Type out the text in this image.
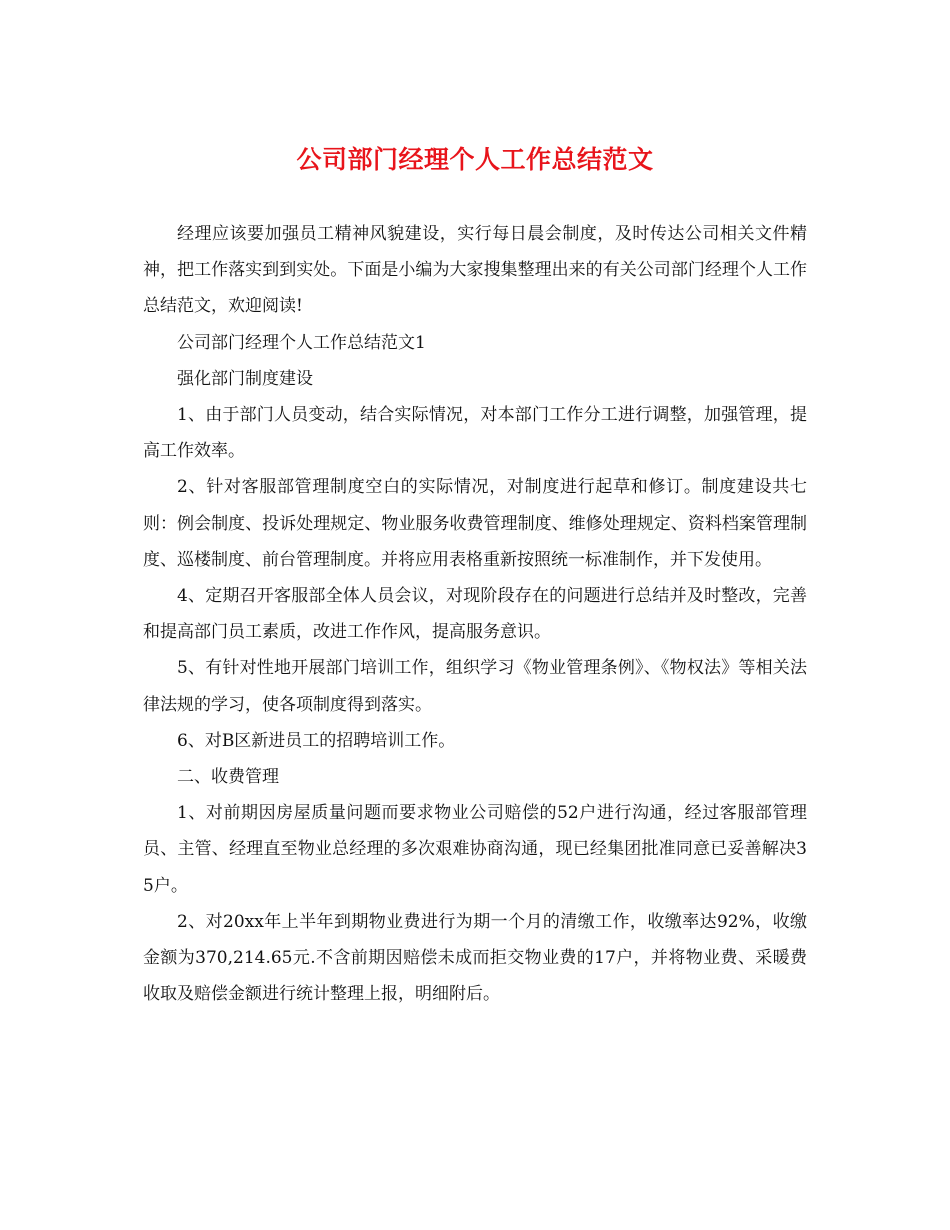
公司部门经理个人工作总结范文

经理应该要加强员工精神风貌建设，实行每日晨会制度，及时传达公司相关文件精神，把工作落实到到实处。下面是小编为大家搜集整理出来的有关公司部门经理个人工作总结范文，欢迎阅读!

公司部门经理个人工作总结范文1

强化部门制度建设

1、由于部门人员变动，结合实际情况，对本部门工作分工进行调整，加强管理，提高工作效率。

2、针对客服部管理制度空白的实际情况，对制度进行起草和修订。制度建设共七则：例会制度、投诉处理规定、物业服务收费管理制度、维修处理规定、资料档案管理制度、巡楼制度、前台管理制度。并将应用表格重新按照统一标准制作，并下发使用。

4、定期召开客服部全体人员会议，对现阶段存在的问题进行总结并及时整改，完善和提高部门员工素质，改进工作作风，提高服务意识。

5、有针对性地开展部门培训工作，组织学习《物业管理条例》、《物权法》等相关法律法规的学习，使各项制度得到落实。

6、对B区新进员工的招聘培训工作。

二、收费管理

1、对前期因房屋质量问题而要求物业公司赔偿的52户进行沟通，经过客服部管理员、主管、经理直至物业总经理的多次艰难协商沟通，现已经集团批准同意已妥善解决35户。

2、对20xx年上半年到期物业费进行为期一个月的清缴工作，收缴率达92%，收缴金额为370,214.65元.不含前期因赔偿未成而拒交物业费的17户，并将物业费、采暖费收取及赔偿金额进行统计整理上报，明细附后。
